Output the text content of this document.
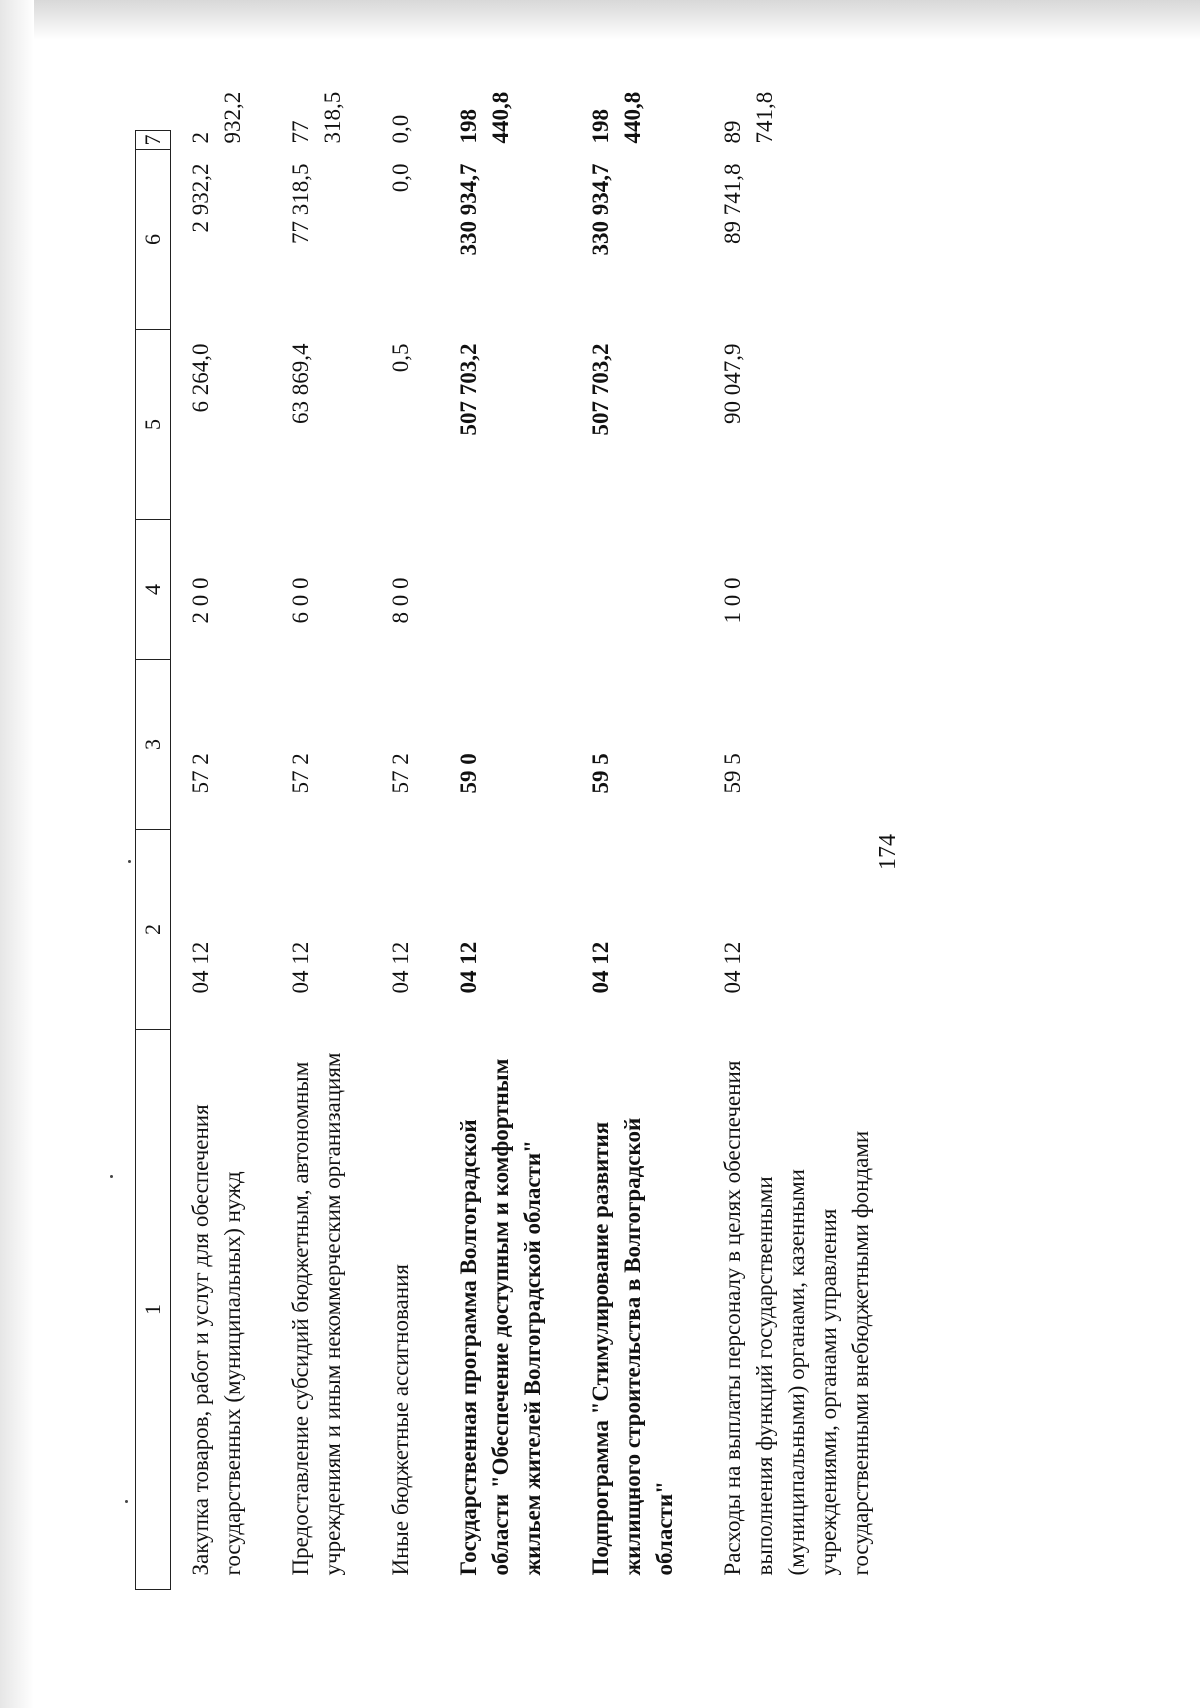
174
1	2	3	4	5	6	7
Закупка товаров, работ и услуг для обеспечения государственных (муниципальных) нужд	04 12	57 2	2 0 0	6 264,0	2 932,2	2 932,2
Предоставление субсидий бюджетным, автономным учреждениям и иным некоммерческим организациям	04 12	57 2	6 0 0	63 869,4	77 318,5	77 318,5
Иные бюджетные ассигнования	04 12	57 2	8 0 0	0,5	0,0	0,0
Государственная программа Волгоградской области "Обеспечение доступным и комфортным жильем жителей Волгоградской области"	04 12	59 0		507 703,2	330 934,7	198 440,8
Подпрограмма "Стимулирование развития жилищного строительства в Волгоградской области"	04 12	59 5		507 703,2	330 934,7	198 440,8
Расходы на выплаты персоналу в целях обеспечения выполнения функций государственными (муниципальными) органами, казенными учреждениями, органами управления государственными внебюджетными фондами	04 12	59 5	1 0 0	90 047,9	89 741,8	89 741,8
